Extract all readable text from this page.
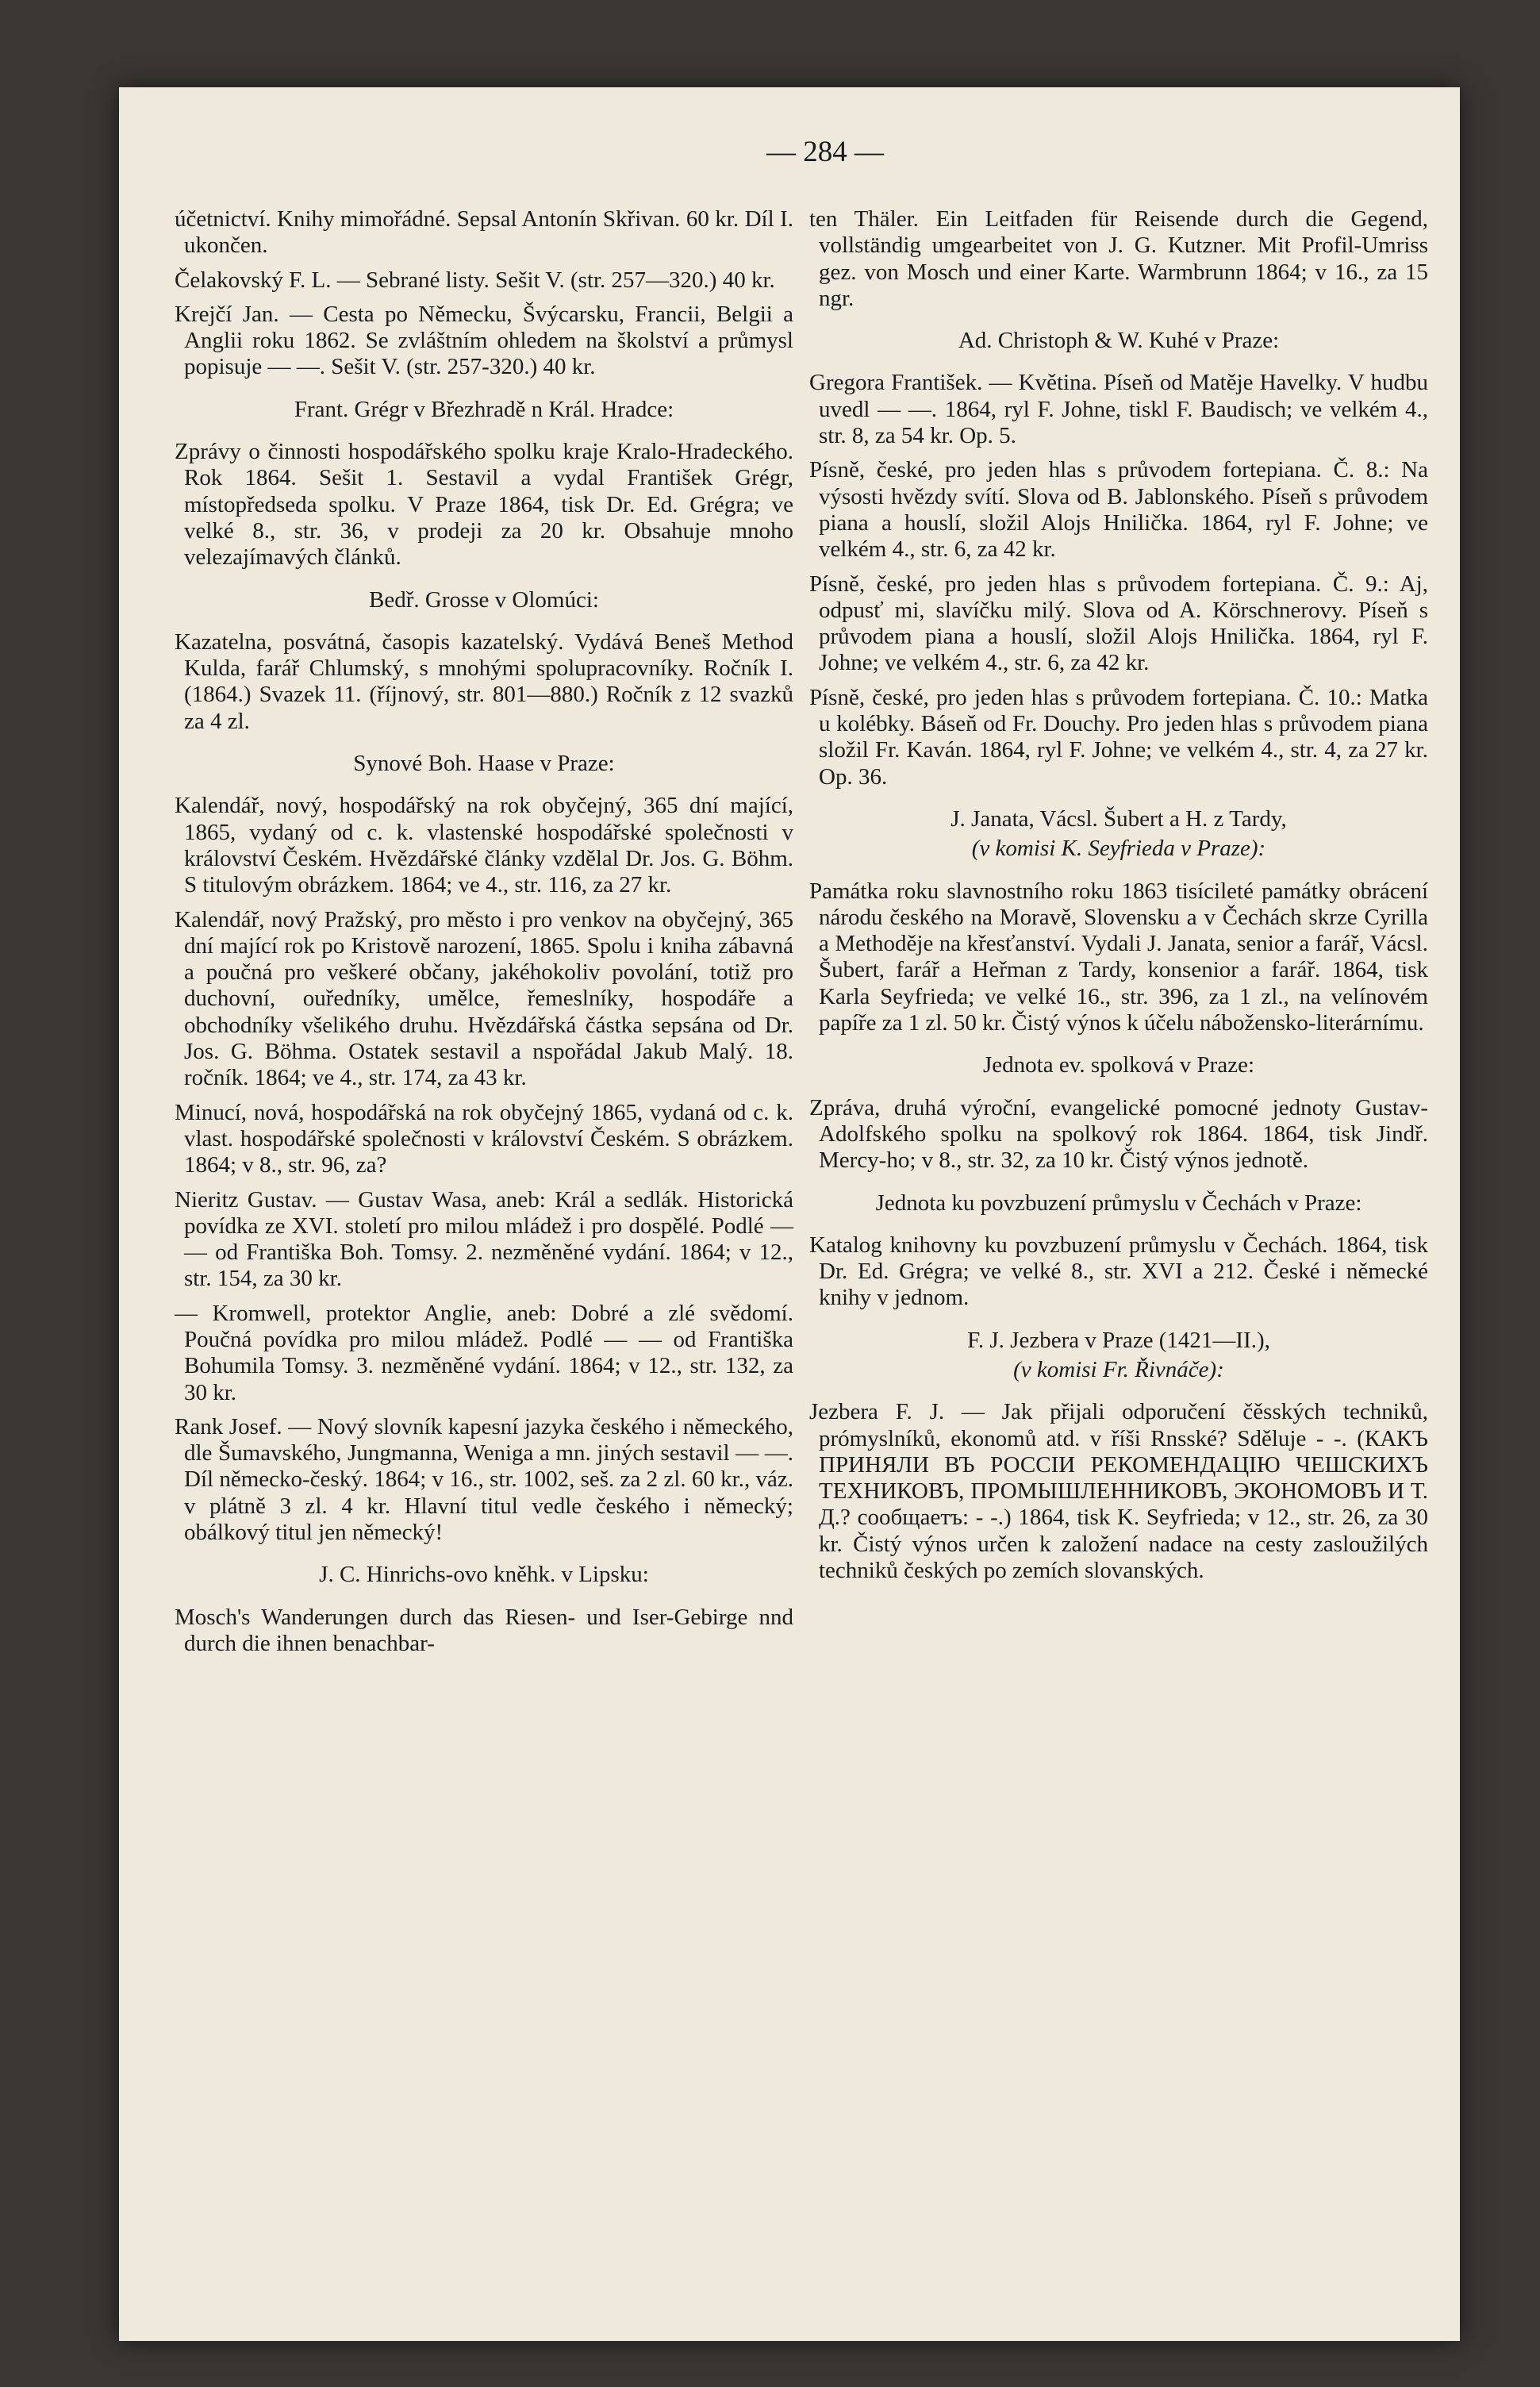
— 284 —

účetnictví. Knihy mimořádné. Sepsal Antonín Skřivan. 60 kr. Díl I. ukončen.

Čelakovský F. L. — Sebrané listy. Sešit V. (str. 257—320.) 40 kr.

Krejčí Jan. — Cesta po Německu, Švýcarsku, Francii, Belgii a Anglii roku 1862. Se zvláštním ohledem na školství a průmysl popisuje — —. Sešit V. (str. 257-320.) 40 kr.

Frant. Grégr v Březhradě n Král. Hradce:

Zprávy o činnosti hospodářského spolku kraje Kralo-Hradeckého. Rok 1864. Sešit 1. Sestavil a vydal František Grégr, místopředseda spolku. V Praze 1864, tisk Dr. Ed. Grégra; ve velké 8., str. 36, v prodeji za 20 kr. Obsahuje mnoho velezajímavých článků.

Bedř. Grosse v Olomúci:

Kazatelna, posvátná, časopis kazatelský. Vydává Beneš Method Kulda, farář Chlumský, s mnohými spolupracovníky. Ročník I. (1864.) Svazek 11. (říjnový, str. 801—880.) Ročník z 12 svazků za 4 zl.

Synové Boh. Haase v Praze:

Kalendář, nový, hospodářský na rok obyčejný, 365 dní mající, 1865, vydaný od c. k. vlastenské hospodářské společnosti v království Českém. Hvězdářské články vzdělal Dr. Jos. G. Böhm. S titulovým obrázkem. 1864; ve 4., str. 116, za 27 kr.

Kalendář, nový Pražský, pro město i pro venkov na obyčejný, 365 dní mající rok po Kristově narození, 1865. Spolu i kniha zábavná a poučná pro veškeré občany, jakéhokoliv povolání, totiž pro duchovní, ouředníky, umělce, řemeslníky, hospodáře a obchodníky všelikého druhu. Hvězdářská částka sepsána od Dr. Jos. G. Böhma. Ostatek sestavil a nspořádal Jakub Malý. 18. ročník. 1864; ve 4., str. 174, za 43 kr.

Minucí, nová, hospodářská na rok obyčejný 1865, vydaná od c. k. vlast. hospodářské společnosti v království Českém. S obrázkem. 1864; v 8., str. 96, za?

Nieritz Gustav. — Gustav Wasa, aneb: Král a sedlák. Historická povídka ze XVI. století pro milou mládež i pro dospělé. Podlé — — od Františka Boh. Tomsy. 2. nezměněné vydání. 1864; v 12., str. 154, za 30 kr.

— Kromwell, protektor Anglie, aneb: Dobré a zlé svědomí. Poučná povídka pro milou mládež. Podlé — — od Františka Bohumila Tomsy. 3. nezměněné vydání. 1864; v 12., str. 132, za 30 kr.

Rank Josef. — Nový slovník kapesní jazyka českého i německého, dle Šumavského, Jungmanna, Weniga a mn. jiných sestavil — —. Díl německo-český. 1864; v 16., str. 1002, seš. za 2 zl. 60 kr., váz. v plátně 3 zl. 4 kr. Hlavní titul vedle českého i německý; obálkový titul jen německý!

J. C. Hinrichs-ovo kněhk. v Lipsku:

Mosch's Wanderungen durch das Riesen- und Iser-Gebirge nnd durch die ihnen benachbar-

ten Thäler. Ein Leitfaden für Reisende durch die Gegend, vollständig umgearbeitet von J. G. Kutzner. Mit Profil-Umriss gez. von Mosch und einer Karte. Warmbrunn 1864; v 16., za 15 ngr.

Ad. Christoph & W. Kuhé v Praze:

Gregora František. — Květina. Píseň od Matěje Havelky. V hudbu uvedl — —. 1864, ryl F. Johne, tiskl F. Baudisch; ve velkém 4., str. 8, za 54 kr. Op. 5.

Písně, české, pro jeden hlas s průvodem fortepiana. Č. 8.: Na výsosti hvězdy svítí. Slova od B. Jablonského. Píseň s průvodem piana a houslí, složil Alojs Hnilička. 1864, ryl F. Johne; ve velkém 4., str. 6, za 42 kr.

Písně, české, pro jeden hlas s průvodem fortepiana. Č. 9.: Aj, odpusť mi, slavíčku milý. Slova od A. Körschnerovy. Píseň s průvodem piana a houslí, složil Alojs Hnilička. 1864, ryl F. Johne; ve velkém 4., str. 6, za 42 kr.

Písně, české, pro jeden hlas s průvodem fortepiana. Č. 10.: Matka u kolébky. Báseň od Fr. Douchy. Pro jeden hlas s průvodem piana složil Fr. Kaván. 1864, ryl F. Johne; ve velkém 4., str. 4, za 27 kr. Op. 36.

J. Janata, Vácsl. Šubert a H. z Tardy,
(v komisi K. Seyfrieda v Praze):

Památka roku slavnostního roku 1863 tisícileté památky obrácení národu českého na Moravě, Slovensku a v Čechách skrze Cyrilla a Methoděje na křesťanství. Vydali J. Janata, senior a farář, Vácsl. Šubert, farář a Heřman z Tardy, konsenior a farář. 1864, tisk Karla Seyfrieda; ve velké 16., str. 396, za 1 zl., na velínovém papíře za 1 zl. 50 kr. Čistý výnos k účelu nábožensko-literárnímu.

Jednota ev. spolková v Praze:

Zpráva, druhá výroční, evangelické pomocné jednoty Gustav-Adolfského spolku na spolkový rok 1864. 1864, tisk Jindř. Mercy-ho; v 8., str. 32, za 10 kr. Čistý výnos jednotě.

Jednota ku povzbuzení průmyslu v Čechách v Praze:

Katalog knihovny ku povzbuzení průmyslu v Čechách. 1864, tisk Dr. Ed. Grégra; ve velké 8., str. XVI a 212. České i německé knihy v jednom.

F. J. Jezbera v Praze (1421—II.),
(v komisi Fr. Řivnáče):

Jezbera F. J. — Jak přijali odporučení čěsských techniků, prómyslníků, ekonomů atd. v říši Rnsské? Sděluje - -. (КАКЪ ПРИНЯЛИ ВЪ РОССІИ РЕКОМЕНДАЦІЮ ЧЕШСКИХЪ ТЕХНИКОВЪ, ПРОМЫШЛЕННИКОВЪ, ЭКОНОМОВЪ И Т. Д.? сообщаетъ: - -.) 1864, tisk K. Seyfrieda; v 12., str. 26, za 30 kr. Čistý výnos určen k založení nadace na cesty zasloužilých techniků českých po zemích slovanských.
